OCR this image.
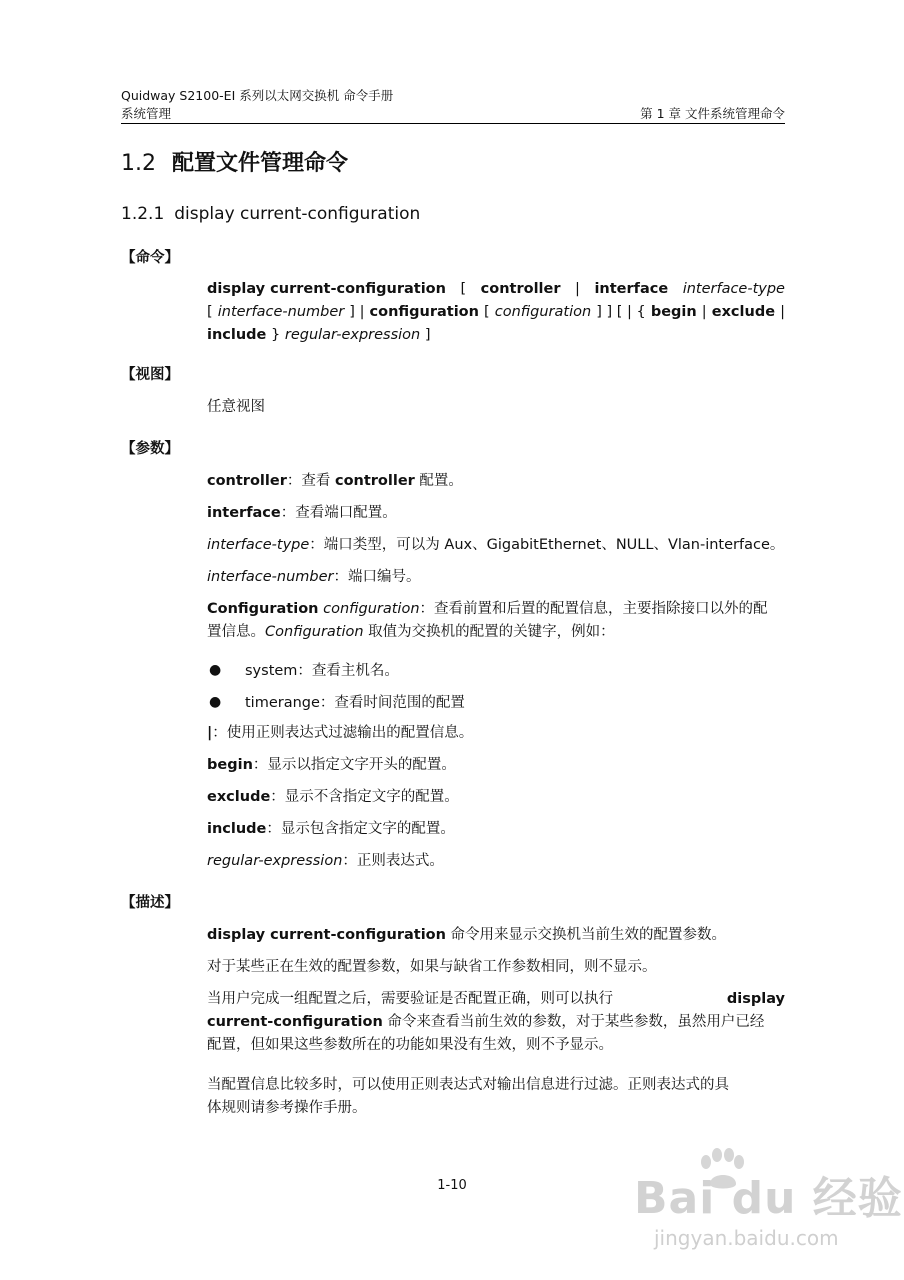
Quidway S2100-EI 系列以太网交换机 命令手册
系统管理	第 1 章 文件系统管理命令
1.2 配置文件管理命令
1.2.1 display current-configuration
【命令】
display current-configuration [ controller | interface interface-type
[ interface-number ] | configuration [ configuration ] ] [ | { begin | exclude |
include } regular-expression ]
【视图】
任意视图
【参数】
controller：查看 controller 配置。
interface：查看端口配置。
interface-type：端口类型，可以为 Aux、GigabitEthernet、NULL、Vlan-interface。
interface-number：端口编号。
Configuration configuration：查看前置和后置的配置信息，主要指除接口以外的配
置信息。Configuration 取值为交换机的配置的关键字，例如：
● system：查看主机名。
● timerange：查看时间范围的配置
|：使用正则表达式过滤输出的配置信息。
begin：显示以指定文字开头的配置。
exclude：显示不含指定文字的配置。
include：显示包含指定文字的配置。
regular-expression：正则表达式。
【描述】
display current-configuration 命令用来显示交换机当前生效的配置参数。
对于某些正在生效的配置参数，如果与缺省工作参数相同，则不显示。
当用户完成一组配置之后，需要验证是否配置正确，则可以执行	display
current-configuration 命令来查看当前生效的参数，对于某些参数，虽然用户已经
配置，但如果这些参数所在的功能如果没有生效，则不予显示。
当配置信息比较多时，可以使用正则表达式对输出信息进行过滤。正则表达式的具
体规则请参考操作手册。
1-10	Bai du 经验
jingyan.baidu.com
